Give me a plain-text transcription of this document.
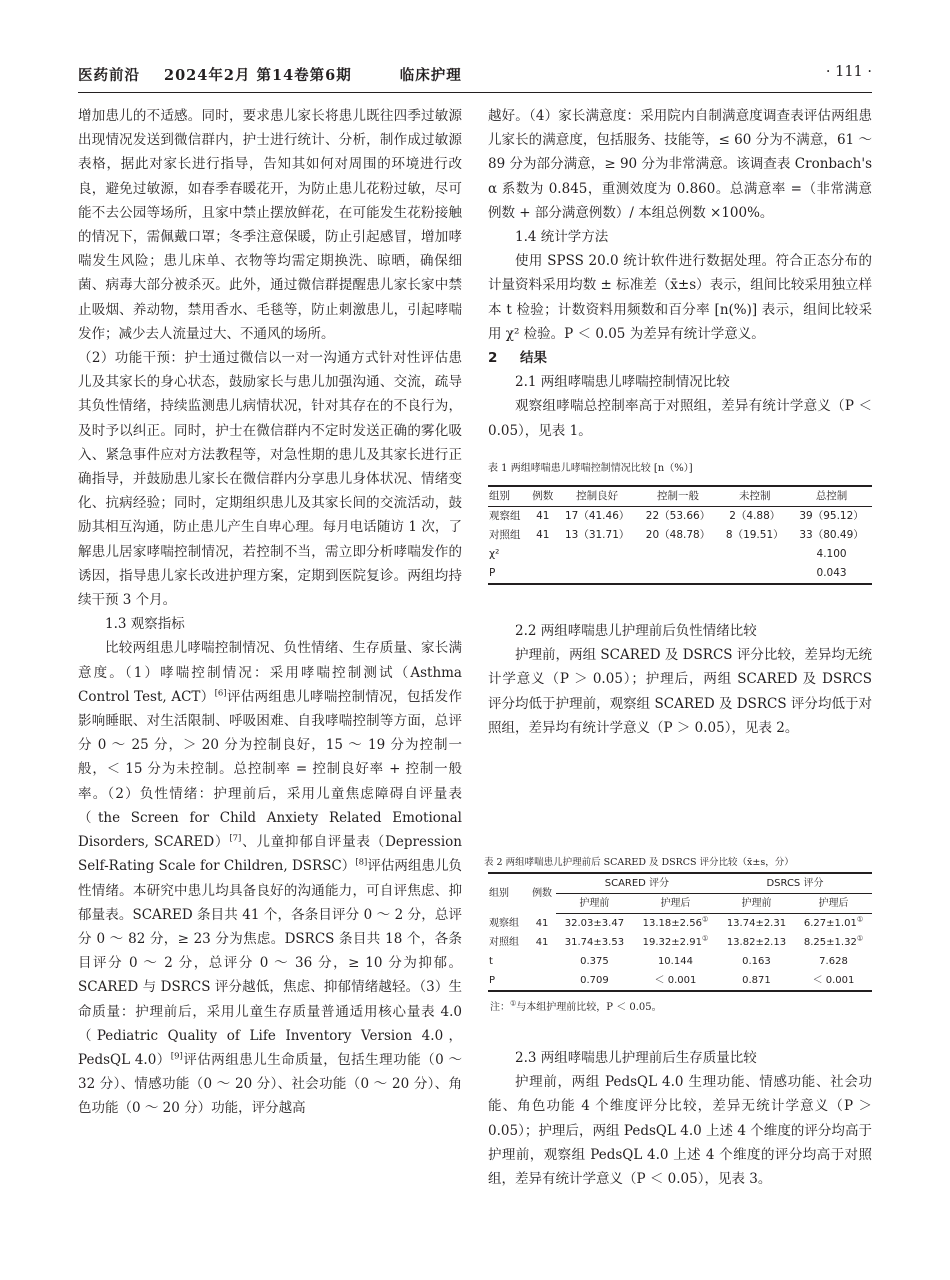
医药前沿 2024年2月 第14卷第6期	临床护理	· 111 ·

增加患儿的不适感。同时，要求患儿家长将患儿既往四季过敏源出现情况发送到微信群内，护士进行统计、分析，制作成过敏源表格，据此对家长进行指导，告知其如何对周围的环境进行改良，避免过敏源，如春季春暖花开，为防止患儿花粉过敏，尽可能不去公园等场所，且家中禁止摆放鲜花，在可能发生花粉接触的情况下，需佩戴口罩；冬季注意保暖，防止引起感冒，增加哮喘发生风险；患儿床单、衣物等均需定期换洗、晾晒，确保细菌、病毒大部分被杀灭。此外，通过微信群提醒患儿家长家中禁止吸烟、养动物，禁用香水、毛毯等，防止刺激患儿，引起哮喘发作；减少去人流量过大、不通风的场所。

（2）功能干预：护士通过微信以一对一沟通方式针对性评估患儿及其家长的身心状态，鼓励家长与患儿加强沟通、交流，疏导其负性情绪，持续监测患儿病情状况，针对其存在的不良行为，及时予以纠正。同时，护士在微信群内不定时发送正确的雾化吸入、紧急事件应对方法教程等，对急性期的患儿及其家长进行正确指导，并鼓励患儿家长在微信群内分享患儿身体状况、情绪变化、抗病经验；同时，定期组织患儿及其家长间的交流活动，鼓励其相互沟通，防止患儿产生自卑心理。每月电话随访 1 次，了解患儿居家哮喘控制情况，若控制不当，需立即分析哮喘发作的诱因，指导患儿家长改进护理方案，定期到医院复诊。两组均持续干预 3 个月。

1.3 观察指标

比较两组患儿哮喘控制情况、负性情绪、生存质量、家长满意度。（1）哮喘控制情况：采用哮喘控制测试（Asthma Control Test, ACT）[6]评估两组患儿哮喘控制情况，包括发作影响睡眠、对生活限制、呼吸困难、自我哮喘控制等方面，总评分 0 ～ 25 分，＞ 20 分为控制良好，15 ～ 19 分为控制一般，＜ 15 分为未控制。总控制率 = 控制良好率 + 控制一般率。（2）负性情绪：护理前后，采用儿童焦虑障碍自评量表（the Screen for Child Anxiety Related Emotional Disorders, SCARED）[7]、儿童抑郁自评量表（Depression Self-Rating Scale for Children, DSRSC）[8]评估两组患儿负性情绪。本研究中患儿均具备良好的沟通能力，可自评焦虑、抑郁量表。SCARED 条目共 41 个，各条目评分 0 ～ 2 分，总评分 0 ～ 82 分，≥ 23 分为焦虑。DSRCS 条目共 18 个，各条目评分 0 ～ 2 分，总评分 0 ～ 36 分，≥ 10 分为抑郁。SCARED 与 DSRCS 评分越低，焦虑、抑郁情绪越轻。（3）生命质量：护理前后，采用儿童生存质量普通适用核心量表 4.0（Pediatric Quality of Life Inventory Version 4.0，PedsQL 4.0）[9]评估两组患儿生命质量，包括生理功能（0 ～ 32 分）、情感功能（0 ～ 20 分）、社会功能（0 ～ 20 分）、角色功能（0 ～ 20 分）功能，评分越高

越好。（4）家长满意度：采用院内自制满意度调查表评估两组患儿家长的满意度，包括服务、技能等，≤ 60 分为不满意，61 ～ 89 分为部分满意，≥ 90 分为非常满意。该调查表 Cronbach's α 系数为 0.845，重测效度为 0.860。总满意率 =（非常满意例数 + 部分满意例数）/ 本组总例数 ×100%。

1.4 统计学方法

使用 SPSS 20.0 统计软件进行数据处理。符合正态分布的计量资料采用均数 ± 标准差（x̄±s）表示，组间比较采用独立样本 t 检验；计数资料用频数和百分率 [n(%)] 表示，组间比较采用 χ² 检验。P ＜ 0.05 为差异有统计学意义。

2 结果

2.1 两组哮喘患儿哮喘控制情况比较

观察组哮喘总控制率高于对照组，差异有统计学意义（P ＜ 0.05），见表 1。

表 1 两组哮喘患儿哮喘控制情况比较 [n（%）]

组别	例数	控制良好	控制一般	未控制	总控制
观察组	41	17（41.46）	22（53.66）	2（4.88）	39（95.12）
对照组	41	13（31.71）	20（48.78）	8（19.51）	33（80.49）
χ²					4.100
P					0.043

2.2 两组哮喘患儿护理前后负性情绪比较

护理前，两组 SCARED 及 DSRCS 评分比较，差异均无统计学意义（P ＞ 0.05）；护理后，两组 SCARED 及 DSRCS 评分均低于护理前，观察组 SCARED 及 DSRCS 评分均低于对照组，差异均有统计学意义（P ＞ 0.05），见表 2。

表 2 两组哮喘患儿护理前后 SCARED 及 DSRCS 评分比较（x̄±s，分）

组别	例数	SCARED 评分		DSRCS 评分	
		护理前	护理后	护理前	护理后
观察组	41	32.03±3.47	13.18±2.56①	13.74±2.31	6.27±1.01①
对照组	41	31.74±3.53	19.32±2.91①	13.82±2.13	8.25±1.32①
t		0.375	10.144	0.163	7.628
P		0.709	＜ 0.001	0.871	＜ 0.001

注：①与本组护理前比较，P ＜ 0.05。

2.3 两组哮喘患儿护理前后生存质量比较

护理前，两组 PedsQL 4.0 生理功能、情感功能、社会功能、角色功能 4 个维度评分比较，差异无统计学意义（P ＞ 0.05）；护理后，两组 PedsQL 4.0 上述 4 个维度的评分均高于护理前，观察组 PedsQL 4.0 上述 4 个维度的评分均高于对照组，差异有统计学意义（P ＜ 0.05），见表 3。
